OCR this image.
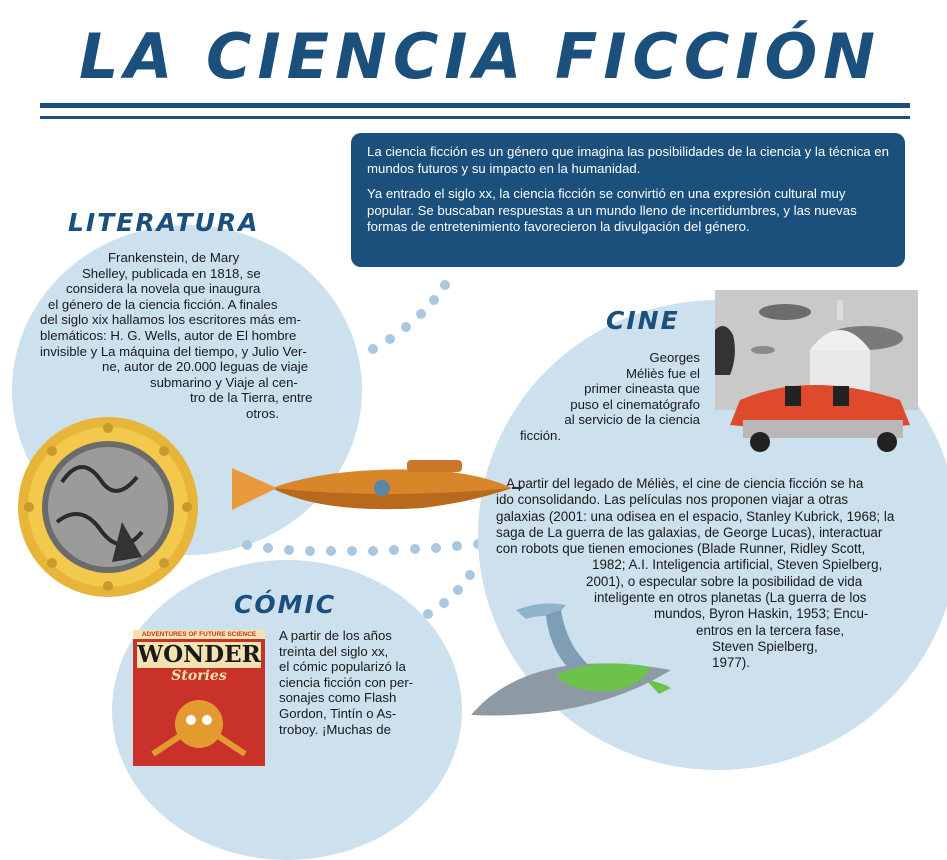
LA CIENCIA FICCIÓN

La ciencia ficción es un género que imagina las posibilidades de la ciencia y la técnica en mundos futuros y su impacto en la humanidad.

Ya entrado el siglo xx, la ciencia ficción se convirtió en una expresión cultural muy popular. Se buscaban respuestas a un mundo lleno de incertidumbres, y las nuevas formas de entretenimiento favorecieron la divulgación del género.

LITERATURA
Frankenstein, de Mary
Shelley, publicada en 1818, se
considera la novela que inaugura
el género de la ciencia ficción. A finales
del siglo xix hallamos los escritores más em-
blemáticos: H. G. Wells, autor de El hombre
invisible y La máquina del tiempo, y Julio Ver-
ne, autor de 20.000 leguas de viaje
submarino y Viaje al cen-
tro de la Tierra, entre
otros.
CINE
Georges
Méliès fue el
primer cineasta que
puso el cinematógrafo
al servicio de la ciencia
ficción.
A partir del legado de Méliès, el cine de ciencia ficción se ha
ido consolidando. Las películas nos proponen viajar a otras
galaxias (2001: una odisea en el espacio, Stanley Kubrick, 1968; la
saga de La guerra de las galaxias, de George Lucas), interactuar
con robots que tienen emociones (Blade Runner, Ridley Scott,
1982; A.I. Inteligencia artificial, Steven Spielberg,
2001), o especular sobre la posibilidad de vida
inteligente en otros planetas (La guerra de los
mundos, Byron Haskin, 1953; Encu-
entros en la tercera fase,
Steven Spielberg,
1977).
CÓMIC
ADVENTURES OF FUTURE SCIENCE
WONDER
Stories
A partir de los años
treinta del siglo xx,
el cómic popularizó la
ciencia ficción con per-
sonajes como Flash
Gordon, Tintín o As-
troboy. ¡Muchas de
